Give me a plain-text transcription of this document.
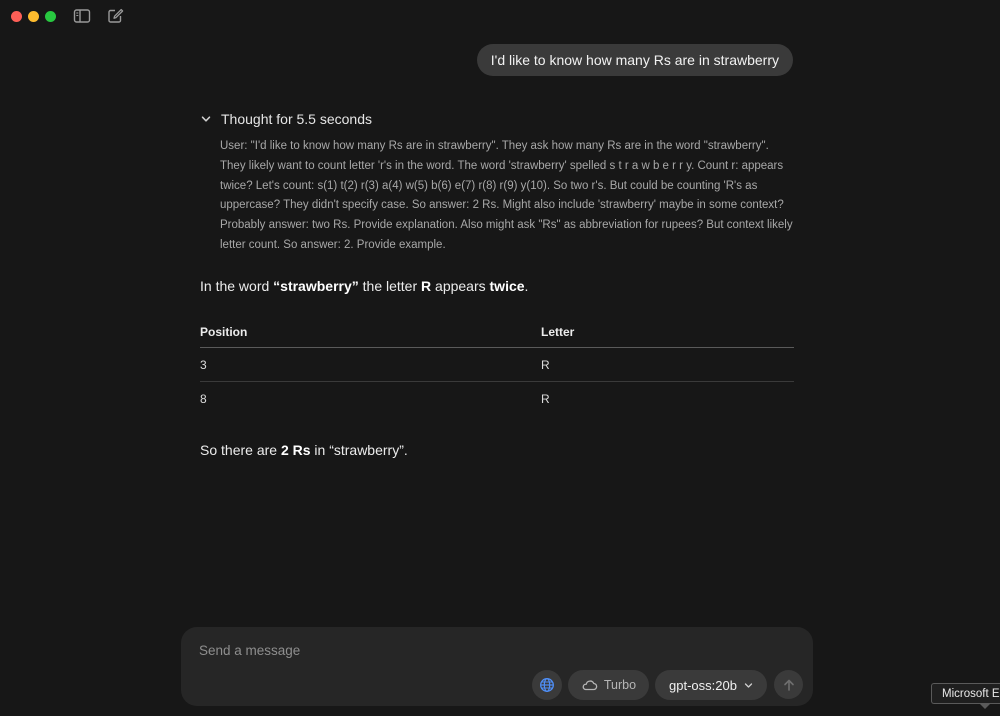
I'd like to know how many Rs are in strawberry
Thought for 5.5 seconds
User: "I'd like to know how many Rs are in strawberry". They ask how many Rs are in the word "strawberry". They likely want to count letter 'r's in the word. The word 'strawberry' spelled s t r a w b e r r y. Count r: appears twice? Let's count: s(1) t(2) r(3) a(4) w(5) b(6) e(7) r(8) r(9) y(10). So two r's. But could be counting 'R's as uppercase? They didn't specify case. So answer: 2 Rs. Might also include 'strawberry' maybe in some context? Probably answer: two Rs. Provide explanation. Also might ask "Rs" as abbreviation for rupees? But context likely letter count. So answer: 2. Provide example.
In the word “strawberry” the letter R appears twice.
Position	Letter
3	R
8	R
So there are 2 Rs in “strawberry”.
Send a message
Turbo	gpt-oss:20b
Microsoft E
